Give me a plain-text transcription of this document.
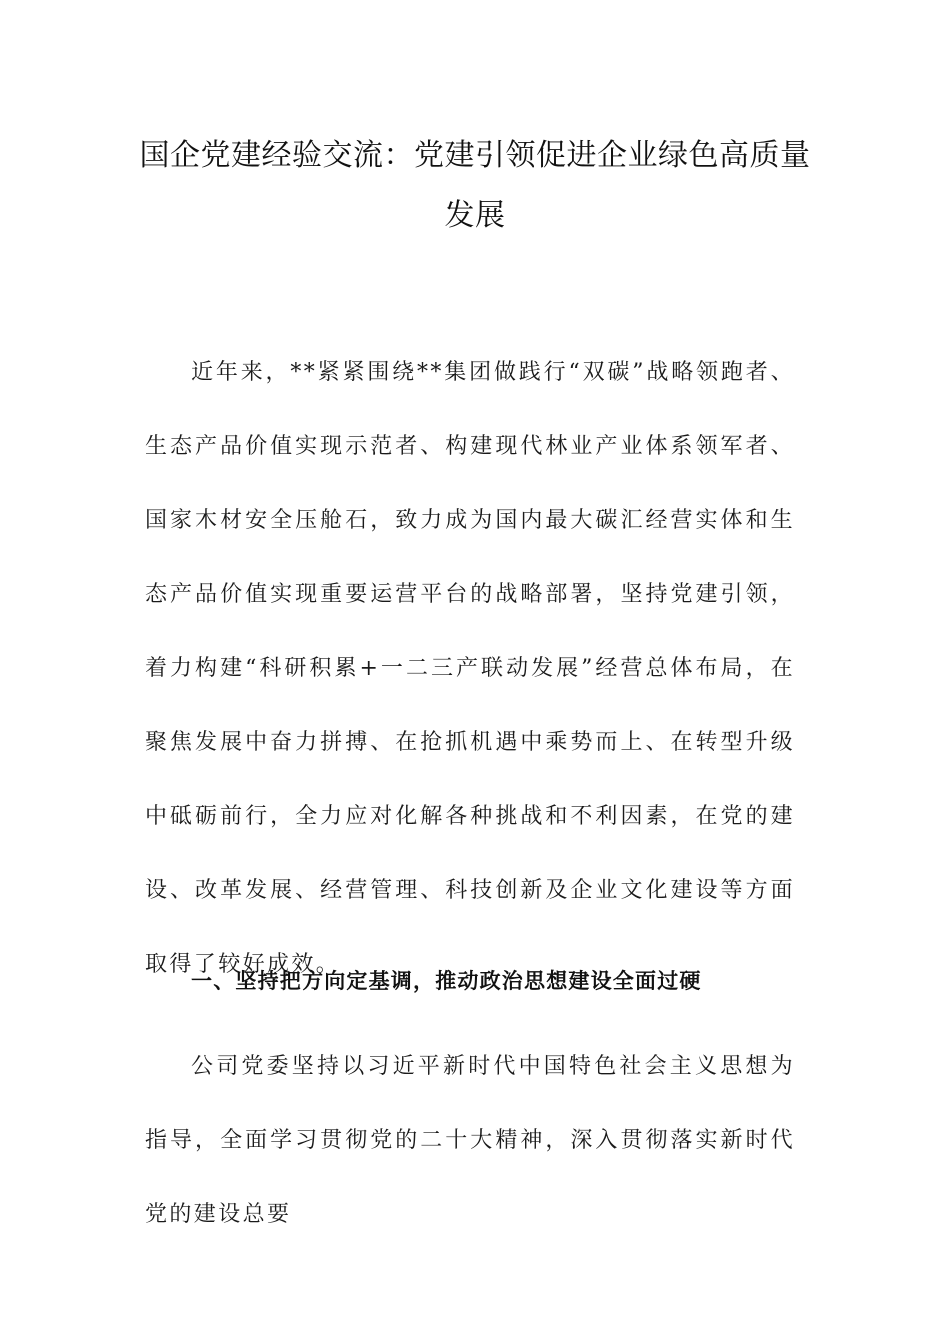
国企党建经验交流：党建引领促进企业绿色高质量发展

近年来，**紧紧围绕**集团做践行“双碳”战略领跑者、生态产品价值实现示范者、构建现代林业产业体系领军者、国家木材安全压舱石，致力成为国内最大碳汇经营实体和生态产品价值实现重要运营平台的战略部署，坚持党建引领，着力构建“科研积累+一二三产联动发展”经营总体布局，在聚焦发展中奋力拼搏、在抢抓机遇中乘势而上、在转型升级中砥砺前行，全力应对化解各种挑战和不利因素，在党的建设、改革发展、经营管理、科技创新及企业文化建设等方面取得了较好成效。

一、坚持把方向定基调，推动政治思想建设全面过硬

公司党委坚持以习近平新时代中国特色社会主义思想为指导，全面学习贯彻党的二十大精神，深入贯彻落实新时代党的建设总要
